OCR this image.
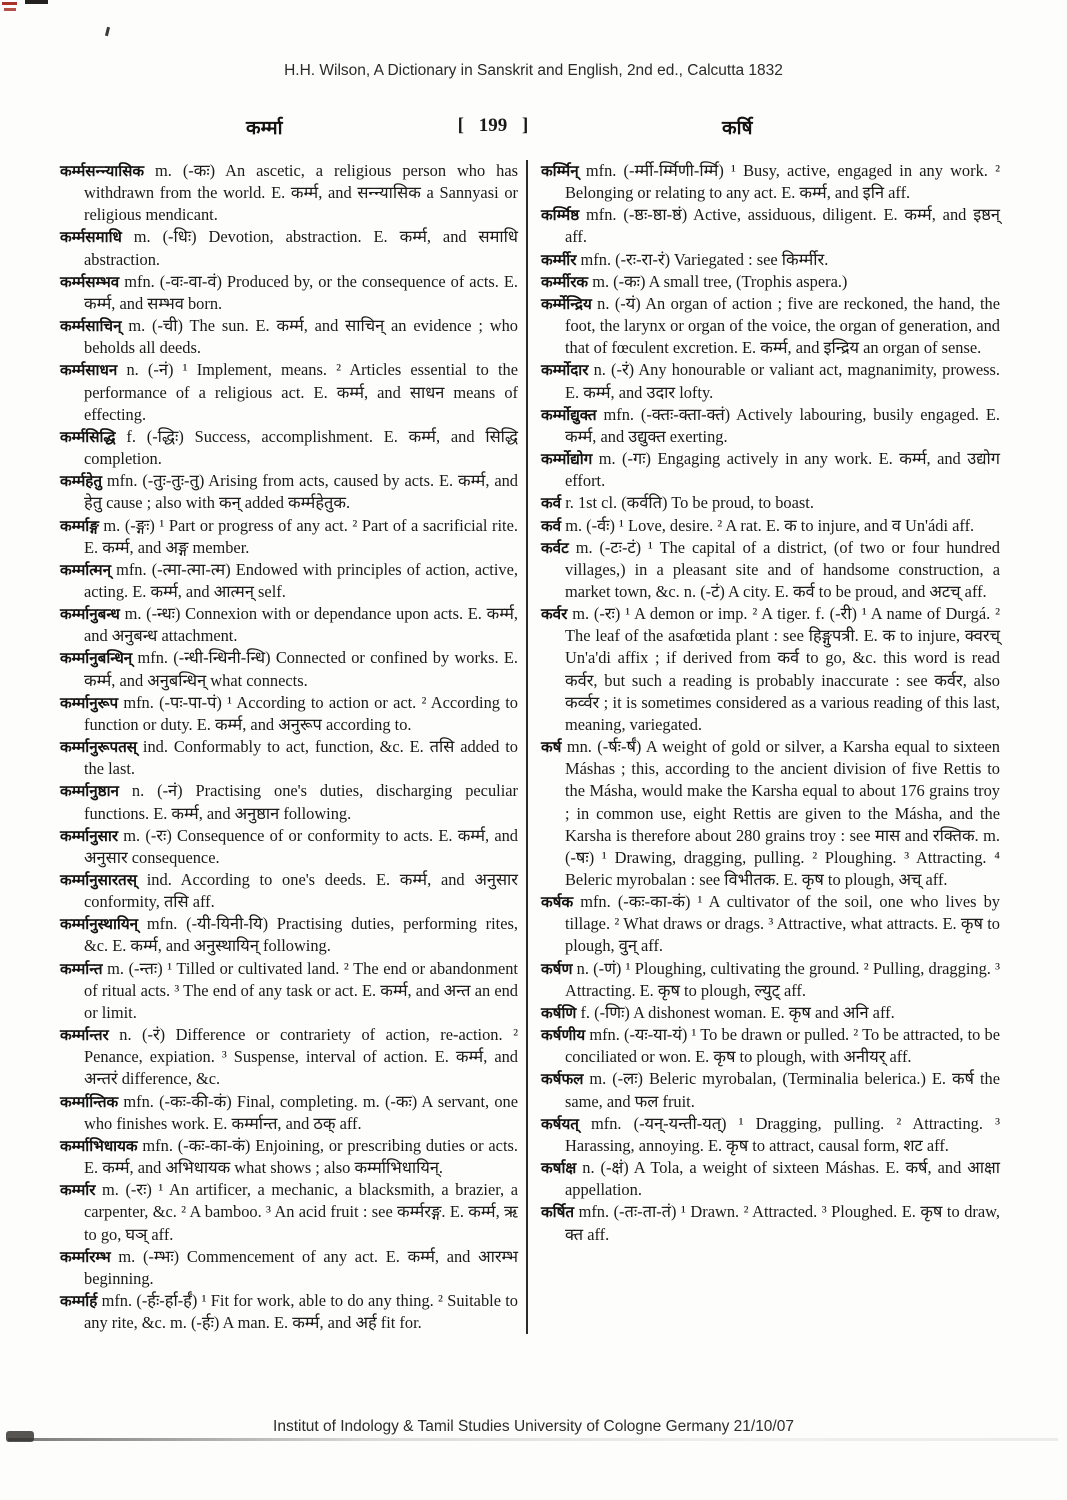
H.H. Wilson, A Dictionary in Sanskrit and English, 2nd ed., Calcutta 1832
कर्म्मा	[ 199 ]	कर्षि

कर्म्मसन्न्यासिक m. (-कः) An ascetic, a religious person who has withdrawn from the world. E. कर्म्म, and सन्न्यासिक a Sannyasi or religious mendicant.

कर्म्मसमाधि m. (-धिः) Devotion, abstraction. E. कर्म्म, and समाधि abstraction.

कर्म्मसम्भव mfn. (-वः-वा-वं) Produced by, or the consequence of acts. E. कर्म्म, and सम्भव born.

कर्म्मसाचिन् m. (-ची) The sun. E. कर्म्म, and साचिन् an evidence ; who beholds all deeds.

कर्म्मसाधन n. (-नं) ¹ Implement, means. ² Articles essential to the performance of a religious act. E. कर्म्म, and साधन means of effecting.

कर्म्मसिद्धि f. (-द्धिः) Success, accomplishment. E. कर्म्म, and सिद्धि completion.

कर्म्महेतु mfn. (-तुः-तुः-तु) Arising from acts, caused by acts. E. कर्म्म, and हेतु cause ; also with कन् added कर्म्महेतुक.

कर्म्माङ्ग m. (-ङ्गः) ¹ Part or progress of any act. ² Part of a sacrificial rite. E. कर्म्म, and अङ्ग member.

कर्म्मात्मन् mfn. (-त्मा-त्मा-त्म) Endowed with principles of action, active, acting. E. कर्म्म, and आत्मन् self.

कर्म्मानुबन्ध m. (-न्धः) Connexion with or dependance upon acts. E. कर्म्म, and अनुबन्ध attachment.

कर्म्मानुबन्धिन् mfn. (-न्धी-न्धिनी-न्धि) Connected or confined by works. E. कर्म्म, and अनुबन्धिन् what connects.

कर्म्मानुरूप mfn. (-पः-पा-पं) ¹ According to action or act. ² According to function or duty. E. कर्म्म, and अनुरूप according to.

कर्म्मानुरूपतस् ind. Conformably to act, function, &c. E. तसि added to the last.

कर्म्मानुष्ठान n. (-नं) Practising one's duties, discharging peculiar functions. E. कर्म्म, and अनुष्ठान following.

कर्म्मानुसार m. (-रः) Consequence of or conformity to acts. E. कर्म्म, and अनुसार consequence.

कर्म्मानुसारतस् ind. According to one's deeds. E. कर्म्म, and अनुसार conformity, तसि aff.

कर्म्मानुस्थायिन् mfn. (-यी-यिनी-यि) Practising duties, performing rites, &c. E. कर्म्म, and अनुस्थायिन् following.

कर्म्मान्त m. (-न्तः) ¹ Tilled or cultivated land. ² The end or abandonment of ritual acts. ³ The end of any task or act. E. कर्म्म, and अन्त an end or limit.

कर्म्मान्तर n. (-रं) Difference or contrariety of action, re-action. ² Penance, expiation. ³ Suspense, interval of action. E. कर्म्म, and अन्तरं difference, &c.

कर्म्मान्तिक mfn. (-कः-की-कं) Final, completing. m. (-कः) A servant, one who finishes work. E. कर्म्मान्त, and ठक् aff.

कर्म्माभिधायक mfn. (-कः-का-कं) Enjoining, or prescribing duties or acts. E. कर्म्म, and अभिधायक what shows ; also कर्म्माभिधायिन्.

कर्म्मार m. (-रः) ¹ An artificer, a mechanic, a blacksmith, a brazier, a carpenter, &c. ² A bamboo. ³ An acid fruit : see कर्म्मरङ्ग. E. कर्म्म, ऋ to go, घञ् aff.

कर्म्मारम्भ m. (-म्भः) Commencement of any act. E. कर्म्म, and आरम्भ beginning.

कर्म्मार्ह mfn. (-र्हः-र्हा-र्हं) ¹ Fit for work, able to do any thing. ² Suitable to any rite, &c. m. (-र्हः) A man. E. कर्म्म, and अर्ह fit for.

कर्म्मिन् mfn. (-र्म्मी-र्म्मिणी-र्म्मि) ¹ Busy, active, engaged in any work. ² Belonging or relating to any act. E. कर्म्म, and इनि aff.

कर्म्मिष्ठ mfn. (-ष्ठः-ष्ठा-ष्ठं) Active, assiduous, diligent. E. कर्म्म, and इष्ठन् aff.

कर्म्मीर mfn. (-रः-रा-रं) Variegated : see किर्म्मीर.

कर्म्मीरक m. (-कः) A small tree, (Trophis aspera.)

कर्म्मेन्द्रिय n. (-यं) An organ of action ; five are reckoned, the hand, the foot, the larynx or organ of the voice, the organ of generation, and that of fœculent excretion. E. कर्म्म, and इन्द्रिय an organ of sense.

कर्म्मोदार n. (-रं) Any honourable or valiant act, magnanimity, prowess. E. कर्म्म, and उदार lofty.

कर्म्मोद्युक्त mfn. (-क्तः-क्ता-क्तं) Actively labouring, busily engaged. E. कर्म्म, and उद्युक्त exerting.

कर्म्मोद्योग m. (-गः) Engaging actively in any work. E. कर्म्म, and उद्योग effort.

कर्व r. 1st cl. (कर्वति) To be proud, to boast.

कर्व m. (-र्वः) ¹ Love, desire. ² A rat. E. क to injure, and व Un'ádi aff.

कर्वट m. (-टः-टं) ¹ The capital of a district, (of two or four hundred villages,) in a pleasant site and of handsome construction, a market town, &c. n. (-टं) A city. E. कर्व to be proud, and अटच् aff.

कर्वर m. (-रः) ¹ A demon or imp. ² A tiger. f. (-री) ¹ A name of Durgá. ² The leaf of the asafœtida plant : see हिङ्गुपत्री. E. क to injure, क्वरच् Un'a'di affix ; if derived from कर्व to go, &c. this word is read कर्वर, but such a reading is probably inaccurate : see कर्वर, also कर्व्वर ; it is sometimes considered as a various reading of this last, meaning, variegated.

कर्ष mn. (-र्षः-र्षं) A weight of gold or silver, a Karsha equal to sixteen Máshas ; this, according to the ancient division of five Rettis to the Másha, would make the Karsha equal to about 176 grains troy ; in common use, eight Rettis are given to the Másha, and the Karsha is therefore about 280 grains troy : see मास and रक्तिक. m. (-षः) ¹ Drawing, dragging, pulling. ² Ploughing. ³ Attracting. ⁴ Beleric myrobalan : see विभीतक. E. कृष to plough, अच् aff.

कर्षक mfn. (-कः-का-कं) ¹ A cultivator of the soil, one who lives by tillage. ² What draws or drags. ³ Attractive, what attracts. E. कृष to plough, वुन् aff.

कर्षण n. (-णं) ¹ Ploughing, cultivating the ground. ² Pulling, dragging. ³ Attracting. E. कृष to plough, ल्युट् aff.

कर्षणि f. (-णिः) A dishonest woman. E. कृष and अनि aff.

कर्षणीय mfn. (-यः-या-यं) ¹ To be drawn or pulled. ² To be attracted, to be conciliated or won. E. कृष to plough, with अनीयर् aff.

कर्षफल m. (-लः) Beleric myrobalan, (Terminalia belerica.) E. कर्ष the same, and फल fruit.

कर्षयत् mfn. (-यन्-यन्ती-यत्) ¹ Dragging, pulling. ² Attracting. ³ Harassing, annoying. E. कृष to attract, causal form, शट aff.

कर्षाक्ष n. (-क्षं) A Tola, a weight of sixteen Máshas. E. कर्ष, and आक्षा appellation.

कर्षित mfn. (-तः-ता-तं) ¹ Drawn. ² Attracted. ³ Ploughed. E. कृष to draw, क्त aff.

Institut of Indology & Tamil Studies University of Cologne Germany 21/10/07
